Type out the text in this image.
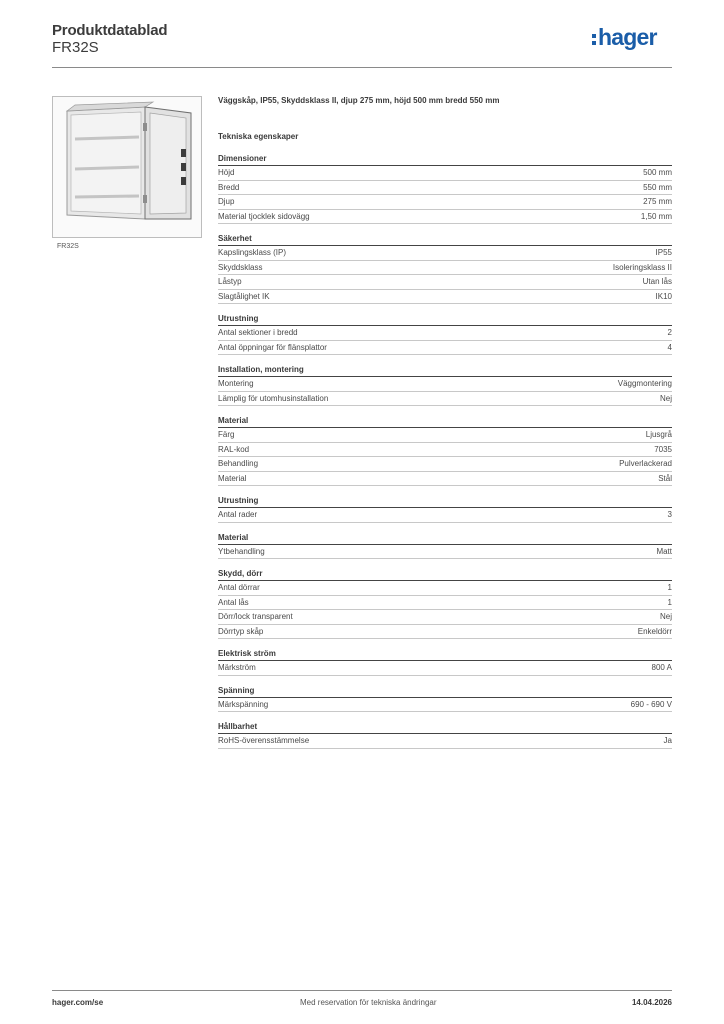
Produktdatablad
FR32S	hager
FR32S
Väggskåp, IP55, Skyddsklass II, djup 275 mm, höjd 500 mm bredd 550 mm
Tekniska egenskaper
Dimensioner
Höjd	500 mm
Bredd	550 mm
Djup	275 mm
Material tjocklek sidovägg	1,50 mm
Säkerhet
Kapslingsklass (IP)	IP55
Skyddsklass	Isoleringsklass II
Låstyp	Utan lås
Slagtålighet IK	IK10
Utrustning
Antal sektioner i bredd	2
Antal öppningar för flänsplattor	4
Installation, montering
Montering	Väggmontering
Lämplig för utomhusinstallation	Nej
Material
Färg	Ljusgrå
RAL-kod	7035
Behandling	Pulverlackerad
Material	Stål
Utrustning
Antal rader	3
Material
Ytbehandling	Matt
Skydd, dörr
Antal dörrar	1
Antal lås	1
Dörr/lock transparent	Nej
Dörrtyp skåp	Enkeldörr
Elektrisk ström
Märkström	800 A
Spänning
Märkspänning	690 - 690 V
Hållbarhet
RoHS-överensstämmelse	Ja
hager.com/se	Med reservation för tekniska ändringar	14.04.2026
